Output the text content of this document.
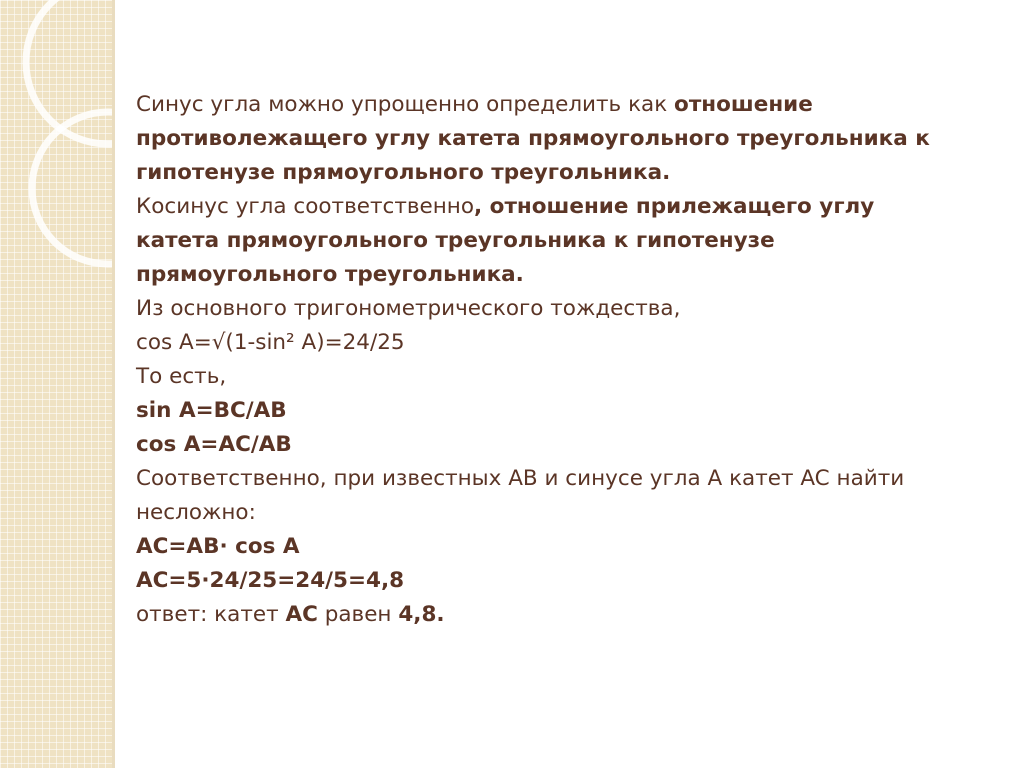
Синус угла можно упрощенно определить как отношение
противолежащего углу катета прямоугольного треугольника к
гипотенузе прямоугольного треугольника.
Косинус угла соответственно, отношение прилежащего углу
катета прямоугольного треугольника к гипотенузе
прямоугольного треугольника.
Из основного тригонометрического тождества,
cos A=√(1-sin² A)=24/25
То есть,
sin A=BC/AB
cos A=AC/AB
Соответственно, при известных AB и синусе угла A катет AC найти
несложно:
AC=AB· cos A
AC=5·24/25=24/5=4,8
ответ: катет AC равен 4,8.
